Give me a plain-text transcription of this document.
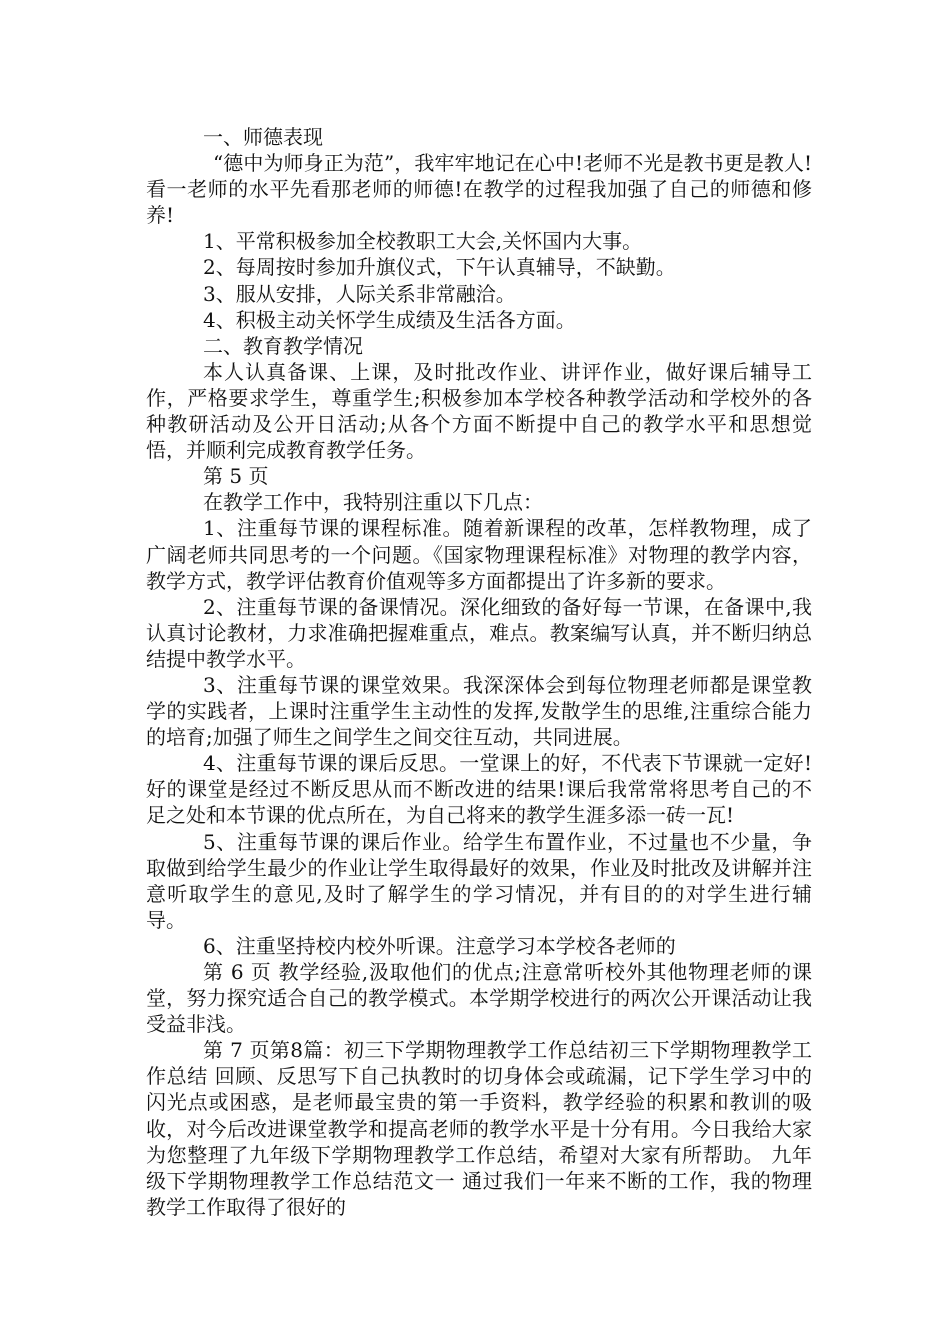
一、师德表现

“德中为师身正为范”，我牢牢地记在心中!老师不光是教书更是教人!看一老师的水平先看那老师的师德!在教学的过程我加强了自己的师德和修养!

1、平常积极参加全校教职工大会,关怀国内大事。

2、每周按时参加升旗仪式，下午认真辅导，不缺勤。

3、服从安排，人际关系非常融洽。

4、积极主动关怀学生成绩及生活各方面。

二、教育教学情况

本人认真备课、上课，及时批改作业、讲评作业，做好课后辅导工作，严格要求学生，尊重学生;积极参加本学校各种教学活动和学校外的各种教研活动及公开日活动;从各个方面不断提中自己的教学水平和思想觉悟，并顺利完成教育教学任务。

第 5 页

在教学工作中，我特别注重以下几点：

1、注重每节课的课程标准。随着新课程的改革，怎样教物理，成了广阔老师共同思考的一个问题。《国家物理课程标准》对物理的教学内容，教学方式，教学评估教育价值观等多方面都提出了许多新的要求。

2、注重每节课的备课情况。深化细致的备好每一节课，在备课中,我认真讨论教材，力求准确把握难重点，难点。教案编写认真，并不断归纳总结提中教学水平。

3、注重每节课的课堂效果。我深深体会到每位物理老师都是课堂教学的实践者，上课时注重学生主动性的发挥,发散学生的思维,注重综合能力的培育;加强了师生之间学生之间交往互动，共同进展。

4、注重每节课的课后反思。一堂课上的好，不代表下节课就一定好!好的课堂是经过不断反思从而不断改进的结果!课后我常常将思考自己的不足之处和本节课的优点所在，为自己将来的教学生涯多添一砖一瓦!

5、注重每节课的课后作业。给学生布置作业，不过量也不少量，争取做到给学生最少的作业让学生取得最好的效果，作业及时批改及讲解并注意听取学生的意见,及时了解学生的学习情况，并有目的的对学生进行辅导。

6、注重坚持校内校外听课。注意学习本学校各老师的

第 6 页 教学经验,汲取他们的优点;注意常听校外其他物理老师的课堂，努力探究适合自己的教学模式。本学期学校进行的两次公开课活动让我受益非浅。

第 7 页第8篇：初三下学期物理教学工作总结初三下学期物理教学工作总结 回顾、反思写下自己执教时的切身体会或疏漏，记下学生学习中的闪光点或困惑，是老师最宝贵的第一手资料，教学经验的积累和教训的吸收，对今后改进课堂教学和提高老师的教学水平是十分有用。今日我给大家为您整理了九年级下学期物理教学工作总结，希望对大家有所帮助。 九年级下学期物理教学工作总结范文一 通过我们一年来不断的工作，我的物理教学工作取得了很好的
